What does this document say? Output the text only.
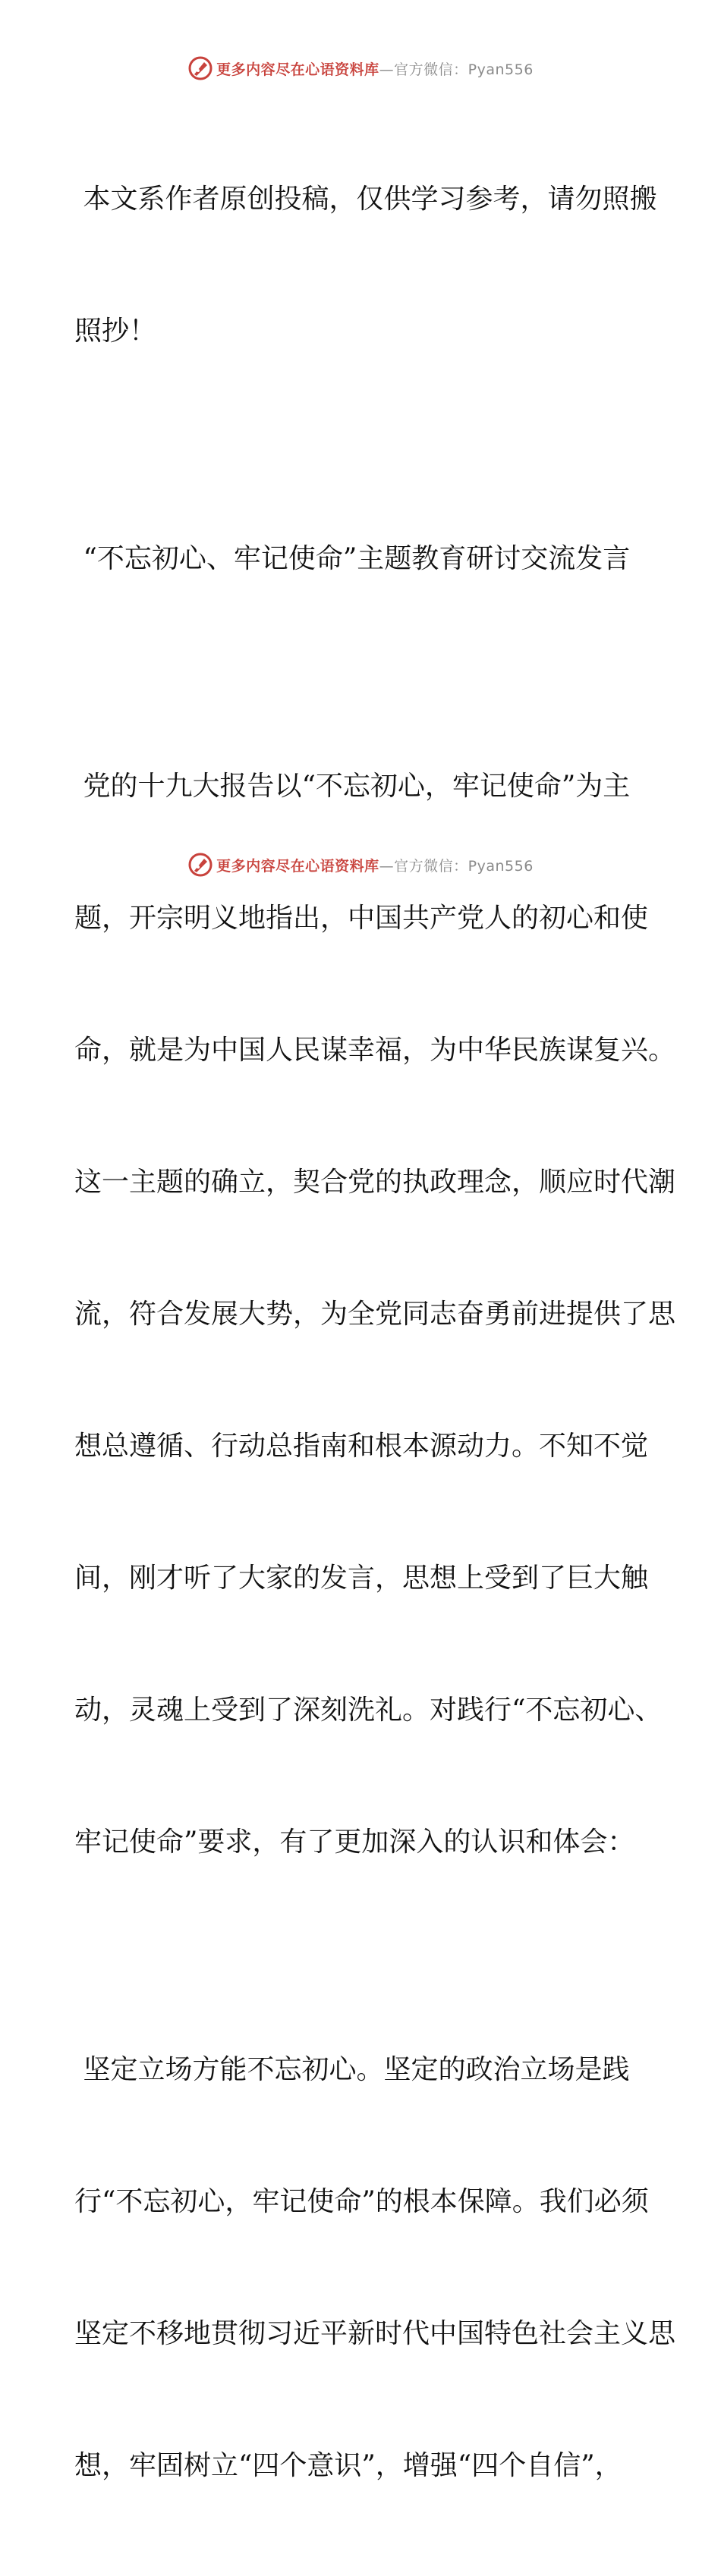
更多内容尽在心语资料库 —官方微信：Pyan556

本文系作者原创投稿，仅供学习参考，请勿照搬

照抄！

“不忘初心、牢记使命”主题教育研讨交流发言

党的十九大报告以“不忘初心，牢记使命”为主

题，开宗明义地指出，中国共产党人的初心和使

命，就是为中国人民谋幸福，为中华民族谋复兴。

这一主题的确立，契合党的执政理念，顺应时代潮

流，符合发展大势，为全党同志奋勇前进提供了思

想总遵循、行动总指南和根本源动力。不知不觉

间，刚才听了大家的发言，思想上受到了巨大触

动，灵魂上受到了深刻洗礼。对践行“不忘初心、

牢记使命”要求，有了更加深入的认识和体会：

坚定立场方能不忘初心。坚定的政治立场是践

行“不忘初心，牢记使命”的根本保障。我们必须

坚定不移地贯彻习近平新时代中国特色社会主义思

想，牢固树立“四个意识”，增强“四个自信”，

更多内容尽在心语资料库 —官方微信：Pyan556
